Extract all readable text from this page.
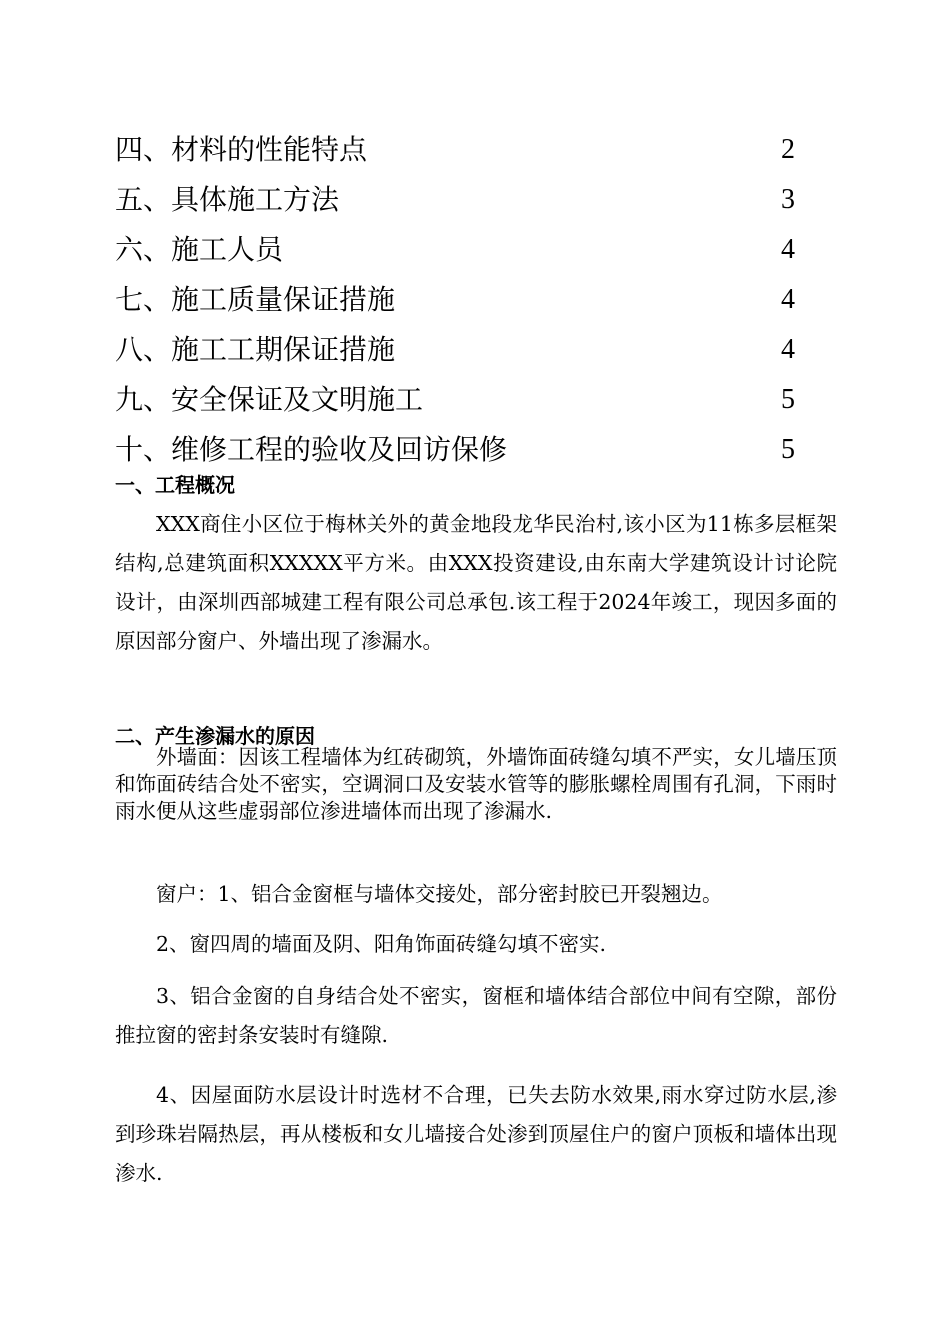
四、材料的性能特点	2
五、具体施工方法	3
六、施工人员	4
七、施工质量保证措施	4
八、施工工期保证措施	4
九、安全保证及文明施工	5
十、维修工程的验收及回访保修	5
一、工程概况
XXX商住小区位于梅林关外的黄金地段龙华民治村,该小区为11栋多层框架结构,总建筑面积XXXXX平方米。由XXX投资建设,由东南大学建筑设计讨论院设计，由深圳西部城建工程有限公司总承包.该工程于2024年竣工，现因多面的原因部分窗户、外墙出现了渗漏水。
二、产生渗漏水的原因
外墙面：因该工程墙体为红砖砌筑，外墙饰面砖缝勾填不严实，女儿墙压顶和饰面砖结合处不密实，空调洞口及安装水管等的膨胀螺栓周围有孔洞，下雨时雨水便从这些虚弱部位渗进墙体而出现了渗漏水.
窗户：1、铝合金窗框与墙体交接处，部分密封胶已开裂翘边。
2、窗四周的墙面及阴、阳角饰面砖缝勾填不密实.
3、铝合金窗的自身结合处不密实，窗框和墙体结合部位中间有空隙，部份推拉窗的密封条安装时有缝隙.
4、因屋面防水层设计时选材不合理，已失去防水效果,雨水穿过防水层,渗到珍珠岩隔热层，再从楼板和女儿墙接合处渗到顶屋住户的窗户顶板和墙体出现渗水.
